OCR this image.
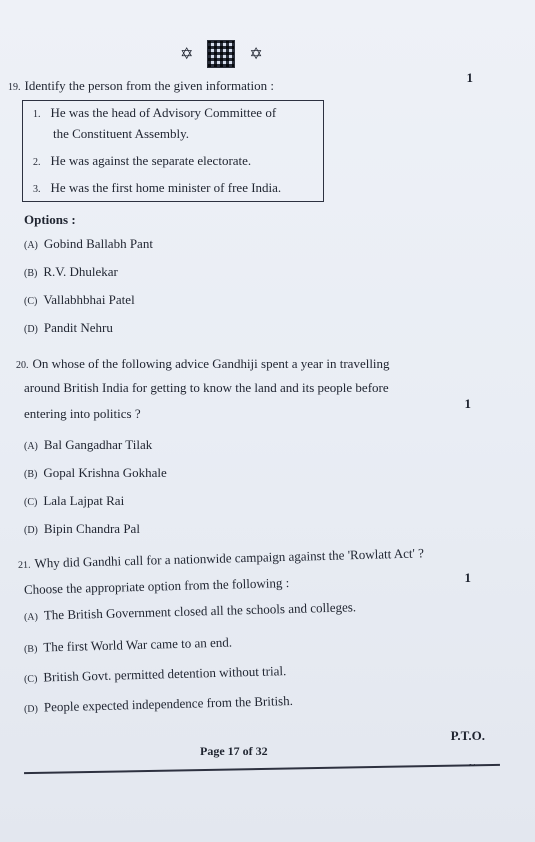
✡	✡
19. Identify the person from the given information :
1
1. He was the head of Advisory Committee of
the Constituent Assembly.
2. He was against the separate electorate.
3. He was the first home minister of free India.
Options :
(A) Gobind Ballabh Pant
(B) R.V. Dhulekar
(C) Vallabhbhai Patel
(D) Pandit Nehru
20. On whose of the following advice Gandhiji spent a year in travelling
around British India for getting to know the land and its people before
entering into politics ?
1
(A) Bal Gangadhar Tilak
(B) Gopal Krishna Gokhale
(C) Lala Lajpat Rai
(D) Bipin Chandra Pal
21. Why did Gandhi call for a nationwide campaign against the 'Rowlatt Act' ?
Choose the appropriate option from the following :	1
(A) The British Government closed all the schools and colleges.
(B) The first World War came to an end.
(C) British Govt. permitted detention without trial.
(D) People expected independence from the British.
P.T.O.
Page 17 of 32
~
